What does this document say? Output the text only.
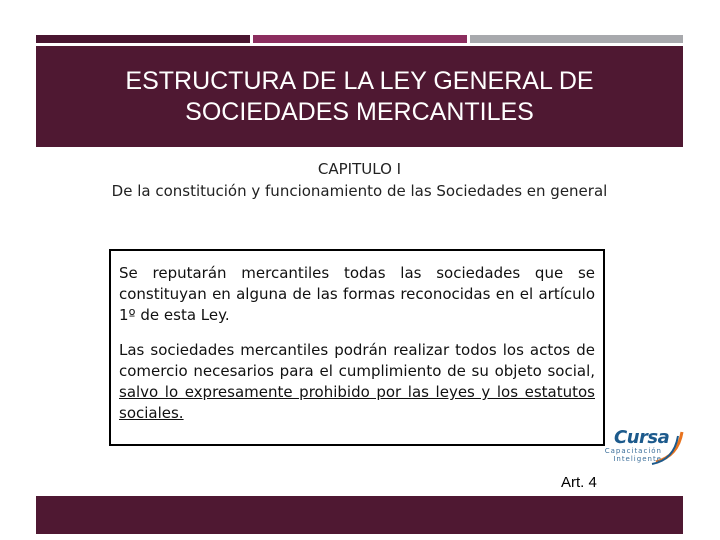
ESTRUCTURA DE LA LEY GENERAL DE
SOCIEDADES MERCANTILES
CAPITULO I
De la constitución y funcionamiento de las Sociedades en general

Se reputarán mercantiles todas las sociedades que se constituyan en alguna de las formas reconocidas en el artículo 1º de esta Ley.

Las sociedades mercantiles podrán realizar todos los actos de comercio necesarios para el cumplimiento de su objeto social, salvo lo expresamente prohibido por las leyes y los estatutos sociales.

Cursa
Capacitación
Inteligente
Art. 4
